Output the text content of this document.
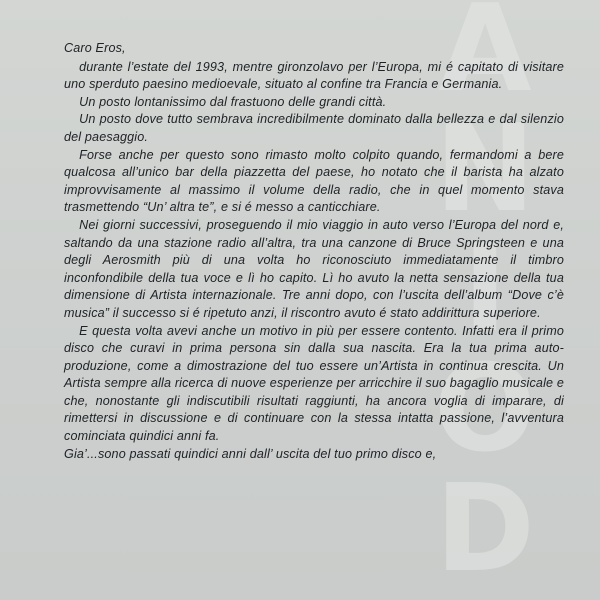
A
N
I
O
D

Caro Eros,

durante l’estate del 1993, mentre gironzolavo per l’Europa, mi é capitato di visitare uno sperduto paesino medioevale, situato al confine tra Francia e Germania.

Un posto lontanissimo dal frastuono delle grandi città.

Un posto dove tutto sembrava incredibilmente dominato dalla bellezza e dal silenzio del paesaggio.

Forse anche per questo sono rimasto molto colpito quando, fermandomi a bere qualcosa all’unico bar della piazzetta del paese, ho notato che il barista ha alzato improvvisamente al massimo il volume della radio, che in quel momento stava trasmettendo “Un’ altra te”, e si é messo a canticchiare.

Nei giorni successivi, proseguendo il mio viaggio in auto verso l’Europa del nord e, saltando da una stazione radio all’altra, tra una canzone di Bruce Springsteen e una degli Aerosmith più di una volta ho riconosciuto immediatamente il timbro inconfondibile della tua voce e lì ho capito. Lì ho avuto la netta sensazione della tua dimensione di Artista internazionale. Tre anni dopo, con l’uscita dell’album “Dove c’è musica” il successo si é ripetuto anzi, il riscontro avuto é stato addirittura superiore.

E questa volta avevi anche un motivo in più per essere contento. Infatti era il primo disco che curavi in prima persona sin dalla sua nascita. Era la tua prima auto-produzione, come a dimostrazione del tuo essere un’Artista in continua crescita. Un Artista sempre alla ricerca di nuove esperienze per arricchire il suo bagaglio musicale e che, nonostante gli indiscutibili risultati raggiunti, ha ancora voglia di imparare, di rimettersi in discussione e di continuare con la stessa intatta passione, l’avventura cominciata quindici anni fa.

Gia’...sono passati quindici anni dall’ uscita del tuo primo disco e,
